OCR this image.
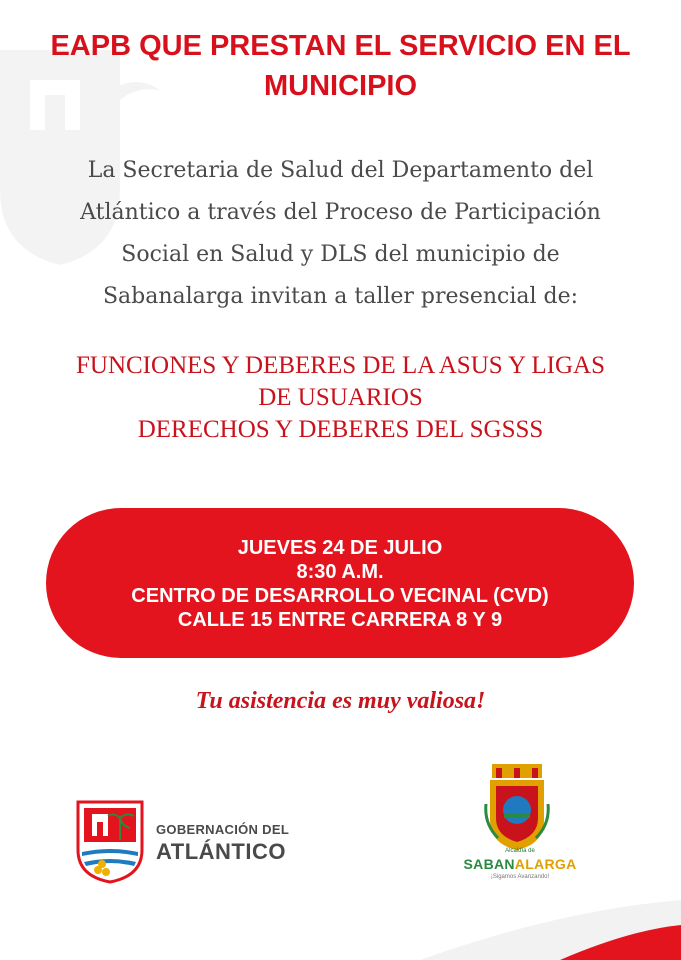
EAPB QUE PRESTAN EL SERVICIO EN EL
MUNICIPIO
La Secretaria de Salud del Departamento del
Atlántico a través del Proceso de Participación
Social en Salud y DLS del municipio de
Sabanalarga invitan a taller presencial de:
FUNCIONES Y DEBERES DE LA ASUS Y LIGAS
DE USUARIOS
DERECHOS Y DEBERES DEL SGSSS
JUEVES 24 DE JULIO
8:30 A.M.
CENTRO DE DESARROLLO VECINAL (CVD)
CALLE 15 ENTRE CARRERA 8 Y 9

Tu asistencia es muy valiosa!

GOBERNACIÓN DEL
ATLÁNTICO	Alcaldía de
SABANALARGA
¡Sigamos Avanzando!
